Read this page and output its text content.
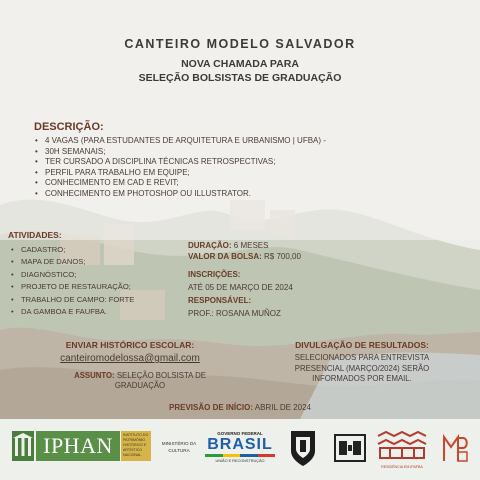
CANTEIRO MODELO SALVADOR
NOVA CHAMADA PARA
SELEÇÃO BOLSISTAS DE GRADUAÇÃO
DESCRIÇÃO:
• 4 VAGAS (PARA ESTUDANTES DE ARQUITETURA E URBANISMO | UFBA) -
• 30H SEMANAIS;
• TER CURSADO A DISCIPLINA TÉCNICAS RETROSPECTIVAS;
• PERFIL PARA TRABALHO EM EQUIPE;
• CONHECIMENTO EM CAD E REVIT;
• CONHECIMENTO EM PHOTOSHOP OU ILLUSTRATOR.
ATIVIDADES:
• CADASTRO;
• MAPA DE DANOS;
• DIAGNÓSTICO;
• PROJETO DE RESTAURAÇÃO;
• TRABALHO DE CAMPO: FORTE
• DA GAMBOA E FAUFBA.
DURAÇÃO: 6 MESES
VALOR DA BOLSA: R$ 700,00
INSCRIÇÕES:
ATÉ 05 DE MARÇO DE 2024
RESPONSÁVEL:
PROF.: ROSANA MUÑOZ
ENVIAR HISTÓRICO ESCOLAR:
canteiromodelossa@gmail.com
ASSUNTO: SELEÇÃO BOLSISTA DE
GRADUAÇÃO
DIVULGAÇÃO DE RESULTADOS:
SELECIONADOS PARA ENTREVISTA
PRESENCIAL (MARÇO/2024) SERÃO
INFORMADOS POR EMAIL.
PREVISÃO DE INÍCIO: ABRIL DE 2024
IPHAN	INSTITUTO DO
PATRIMÔNIO
HISTÓRICO E
ARTÍSTICO
NACIONAL
MINISTÉRIO DA
CULTURA
GOVERNO FEDERAL
BRASIL
UNIÃO E RECONSTRUÇÃO
RESIDÊNCIA EM IPAFBA
